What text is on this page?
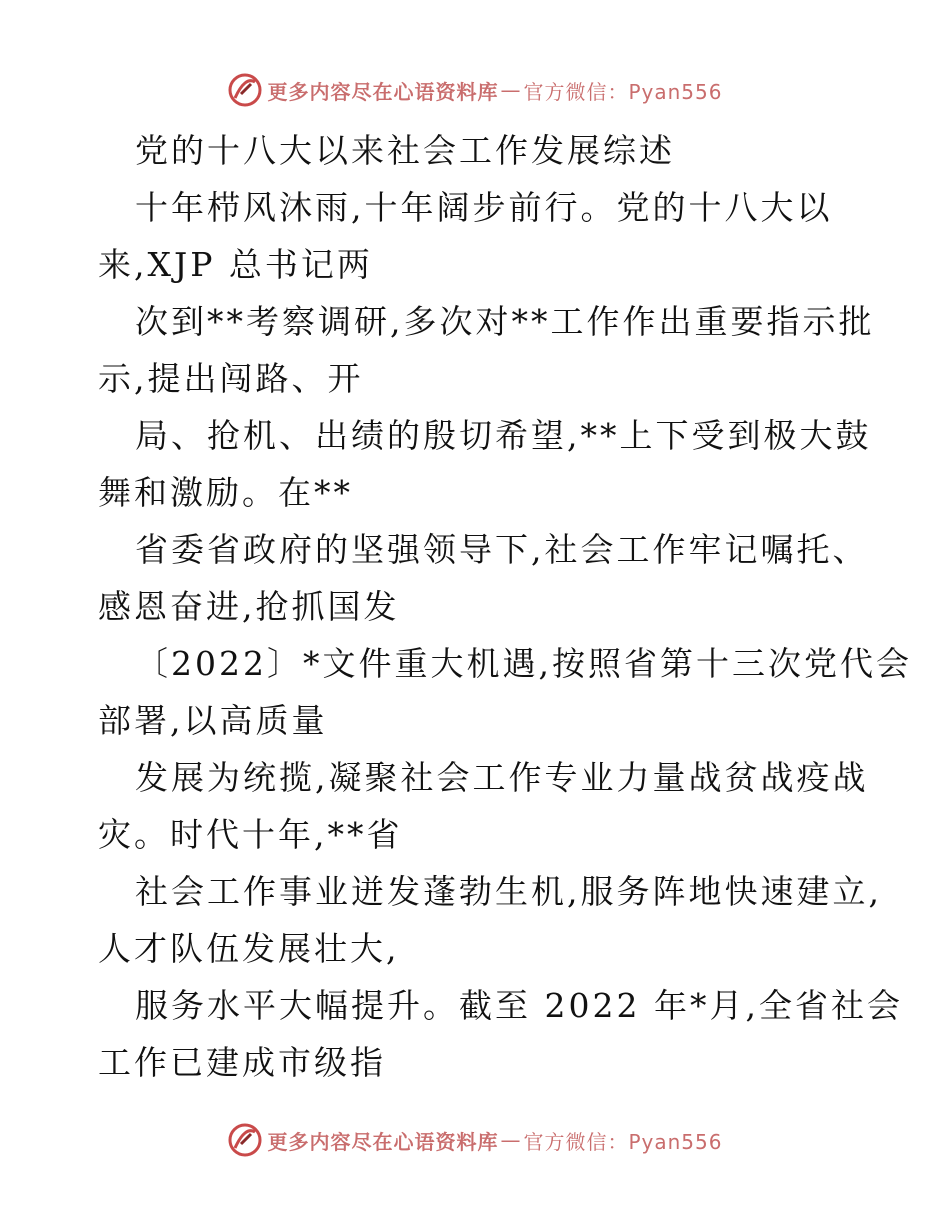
更多内容尽在心语资料库 — 官方微信：Pyan556
党的十八大以来社会工作发展综述
十年栉风沐雨,十年阔步前行。党的十八大以
来,XJP 总书记两
次到**考察调研,多次对**工作作出重要指示批
示,提出闯路、开
局、抢机、出绩的殷切希望,**上下受到极大鼓
舞和激励。在**
省委省政府的坚强领导下,社会工作牢记嘱托、
感恩奋进,抢抓国发
〔2022〕*文件重大机遇,按照省第十三次党代会
部署,以高质量
发展为统揽,凝聚社会工作专业力量战贫战疫战
灾。时代十年,**省
社会工作事业迸发蓬勃生机,服务阵地快速建立,
人才队伍发展壮大,
服务水平大幅提升。截至 2022 年*月,全省社会
工作已建成市级指
更多内容尽在心语资料库 — 官方微信：Pyan556
